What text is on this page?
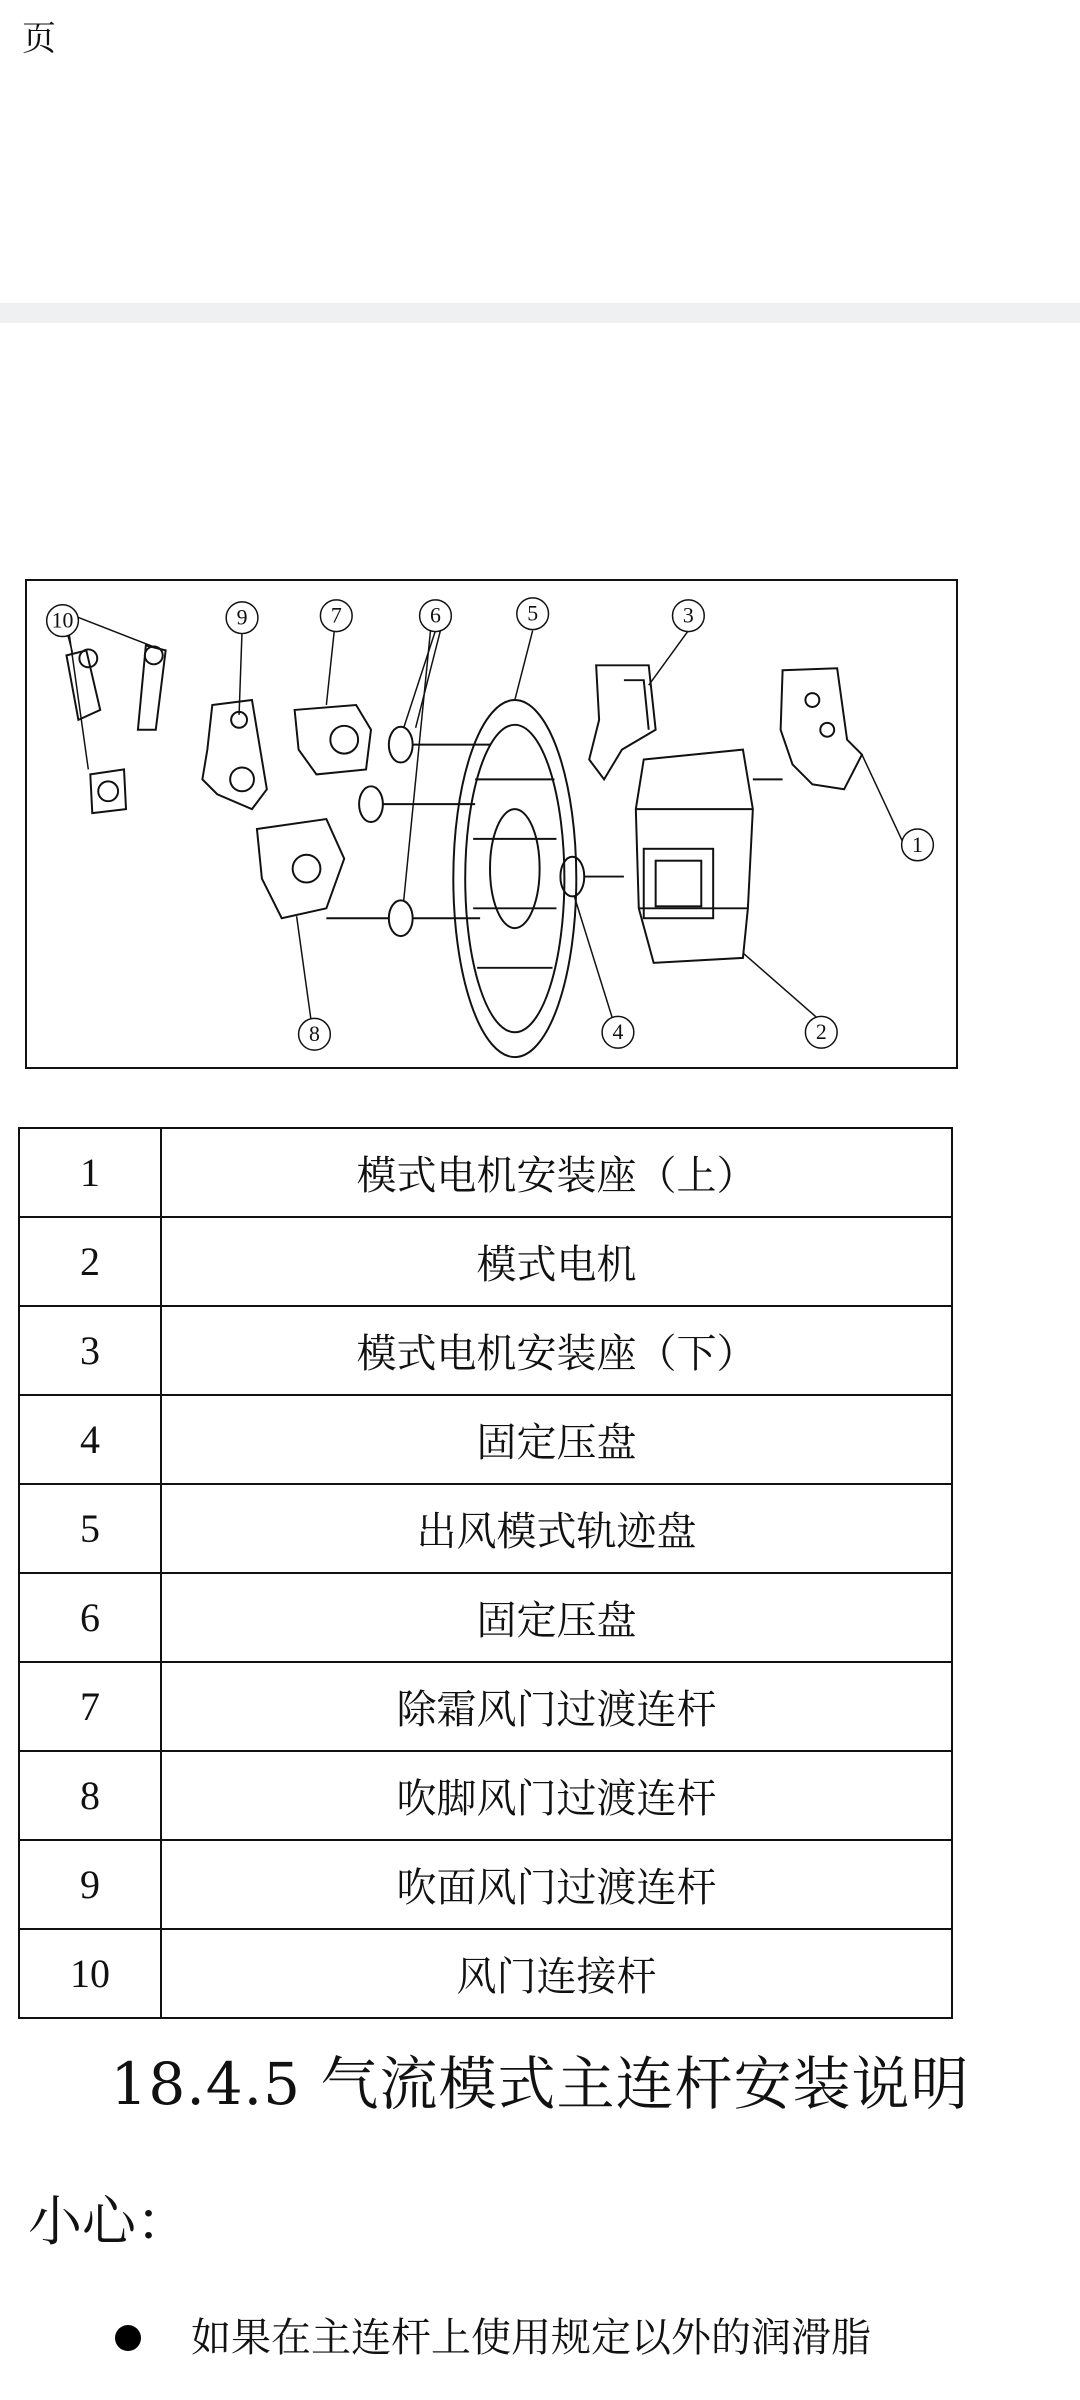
页
10	9	7	6	5	3
1
2
4
8
1	模式电机安装座（上）
2	模式电机
3	模式电机安装座（下）
4	固定压盘
5	出风模式轨迹盘
6	固定压盘
7	除霜风门过渡连杆
8	吹脚风门过渡连杆
9	吹面风门过渡连杆
10	风门连接杆
18.4.5 气流模式主连杆安装说明
小心：
如果在主连杆上使用规定以外的润滑脂
